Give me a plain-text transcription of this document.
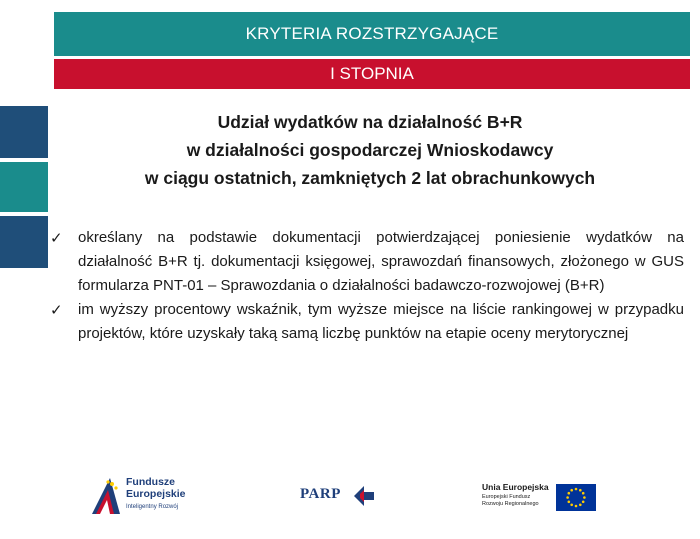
KRYTERIA ROZSTRZYGAJĄCE
I STOPNIA
Udział wydatków na działalność B+R
w działalności gospodarczej Wnioskodawcy
w ciągu ostatnich, zamkniętych 2 lat obrachunkowych
✓	określany na podstawie dokumentacji potwierdzającej poniesienie wydatków na działalność B+R tj. dokumentacji księgowej, sprawozdań finansowych, złożonego w GUS formularza PNT-01 – Sprawozdania o działalności badawczo-rozwojowej (B+R)
✓	im wyższy procentowy wskaźnik, tym wyższe miejsce na liście rankingowej w przypadku projektów, które uzyskały taką samą liczbę punktów na etapie oceny merytorycznej
Fundusze
Europejskie
Inteligentny Rozwój
PARP	Unia Europejska
Europejski Fundusz
Rozwoju Regionalnego
